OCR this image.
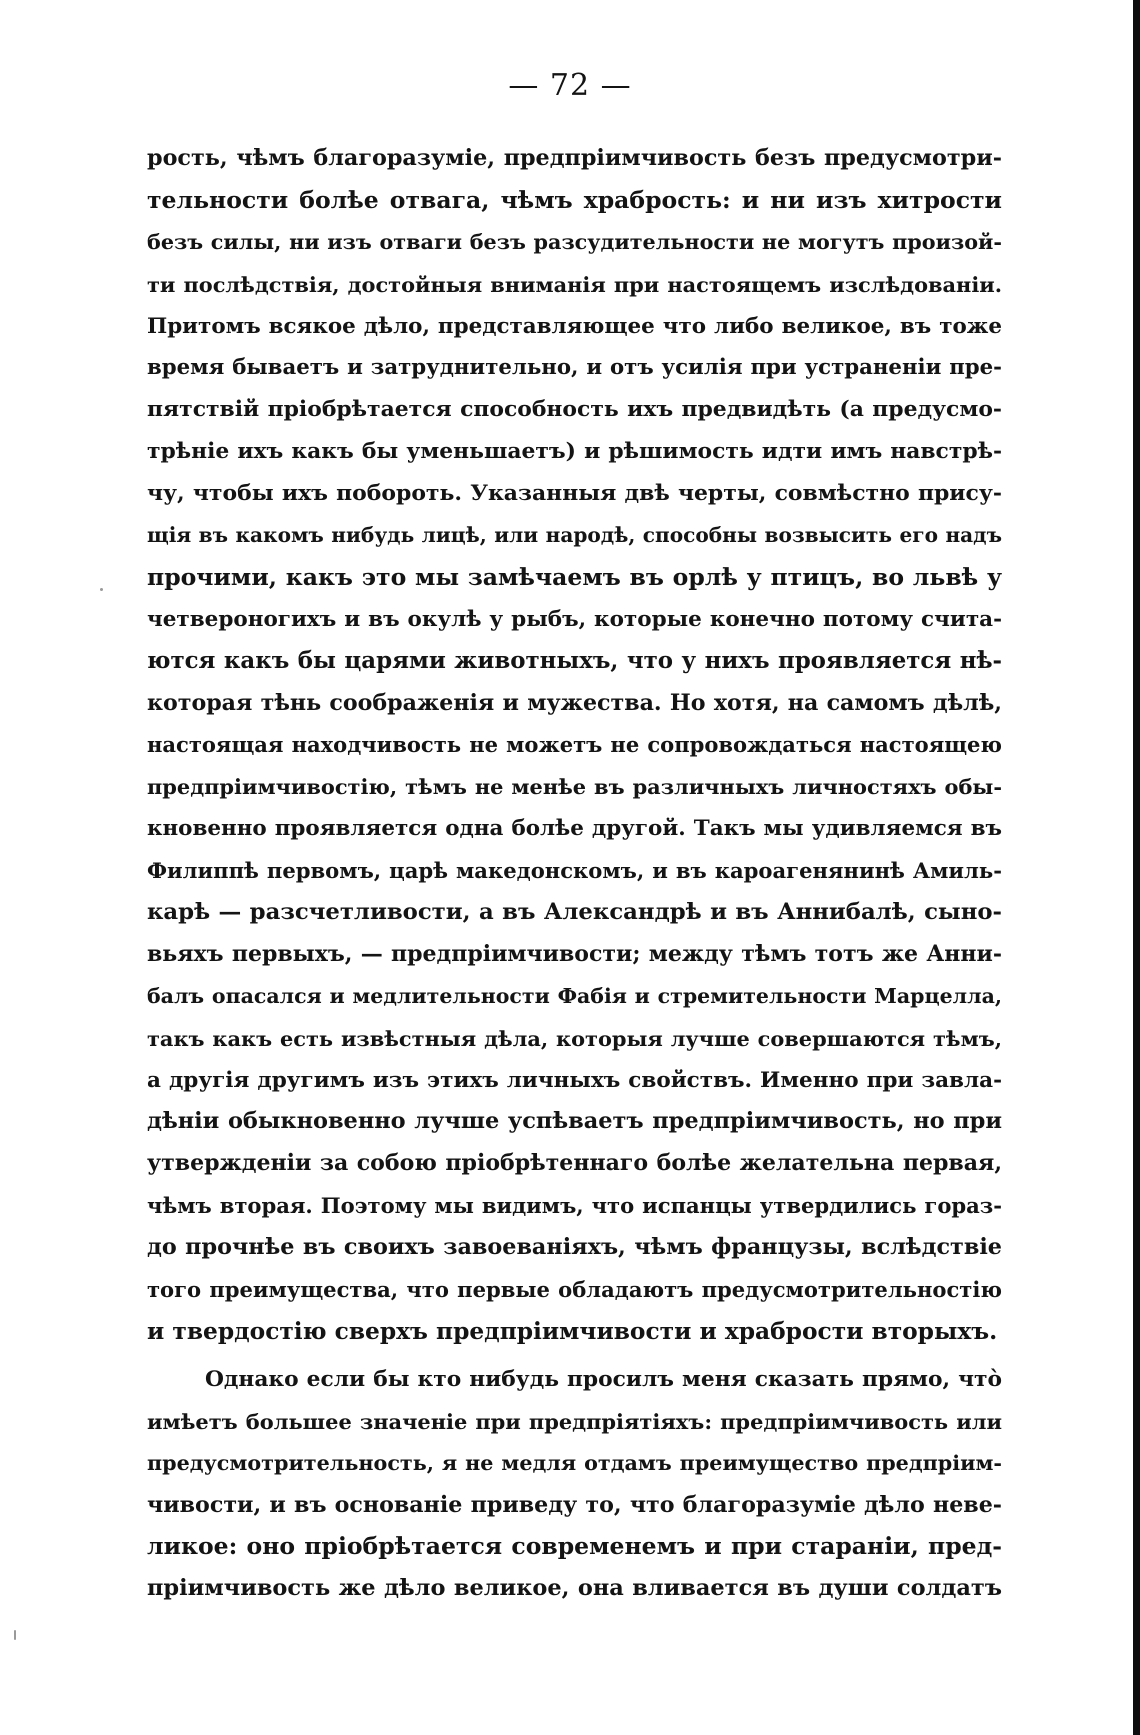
— 72 —
рость, чѣмъ благоразуміе, предпріимчивость безъ предусмотри-
тельности болѣе отвага, чѣмъ храбрость: и ни изъ хитрости
безъ силы, ни изъ отваги безъ разсудительности не могутъ произой-
ти послѣдствія, достойныя вниманія при настоящемъ изслѣдованіи.
Притомъ всякое дѣло, представляющее что либо великое, въ тоже
время бываетъ и затруднительно, и отъ усилія при устраненіи пре-
пятствій пріобрѣтается способность ихъ предвидѣть (а предусмо-
трѣніе ихъ какъ бы уменьшаетъ) и рѣшимость идти имъ навстрѣ-
чу, чтобы ихъ побороть. Указанныя двѣ черты, совмѣстно прису-
щія въ какомъ нибудь лицѣ, или народѣ, способны возвысить его надъ
прочими, какъ это мы замѣчаемъ въ орлѣ у птицъ, во львѣ у
четвероногихъ и въ окулѣ у рыбъ, которые конечно потому счита-
ются какъ бы царями животныхъ, что у нихъ проявляется нѣ-
которая тѣнь соображенія и мужества. Но хотя, на самомъ дѣлѣ,
настоящая находчивость не можетъ не сопровождаться настоящею
предпріимчивостію, тѣмъ не менѣе въ различныхъ личностяхъ обы-
кновенно проявляется одна болѣе другой. Такъ мы удивляемся въ
Филиппѣ первомъ, царѣ македонскомъ, и въ кароагенянинѣ Амиль-
карѣ — разсчетливости, а въ Александрѣ и въ Аннибалѣ, сыно-
вьяхъ первыхъ, — предпріимчивости; между тѣмъ тотъ же Анни-
балъ опасался и медлительности Фабія и стремительности Марцелла,
такъ какъ есть извѣстныя дѣла, которыя лучше совершаются тѣмъ,
а другія другимъ изъ этихъ личныхъ свойствъ. Именно при завла-
дѣніи обыкновенно лучше успѣваетъ предпріимчивость, но при
утвержденіи за собою пріобрѣтеннаго болѣе желательна первая,
чѣмъ вторая. Поэтому мы видимъ, что испанцы утвердились гораз-
до прочнѣе въ своихъ завоеваніяхъ, чѣмъ французы, вслѣдствіе
того преимущества, что первые обладаютъ предусмотрительностію
и твердостію сверхъ предпріимчивости и храбрости вторыхъ.
Однако если бы кто нибудь просилъ меня сказать прямо, что̀
имѣетъ большее значеніе при предпріятіяхъ: предпріимчивость или
предусмотрительность, я не медля отдамъ преимущество предпріим-
чивости, и въ основаніе приведу то, что благоразуміе дѣло неве-
ликое: оно пріобрѣтается современемъ и при стараніи, пред-
пріимчивость же дѣло великое, она вливается въ души солдатъ
